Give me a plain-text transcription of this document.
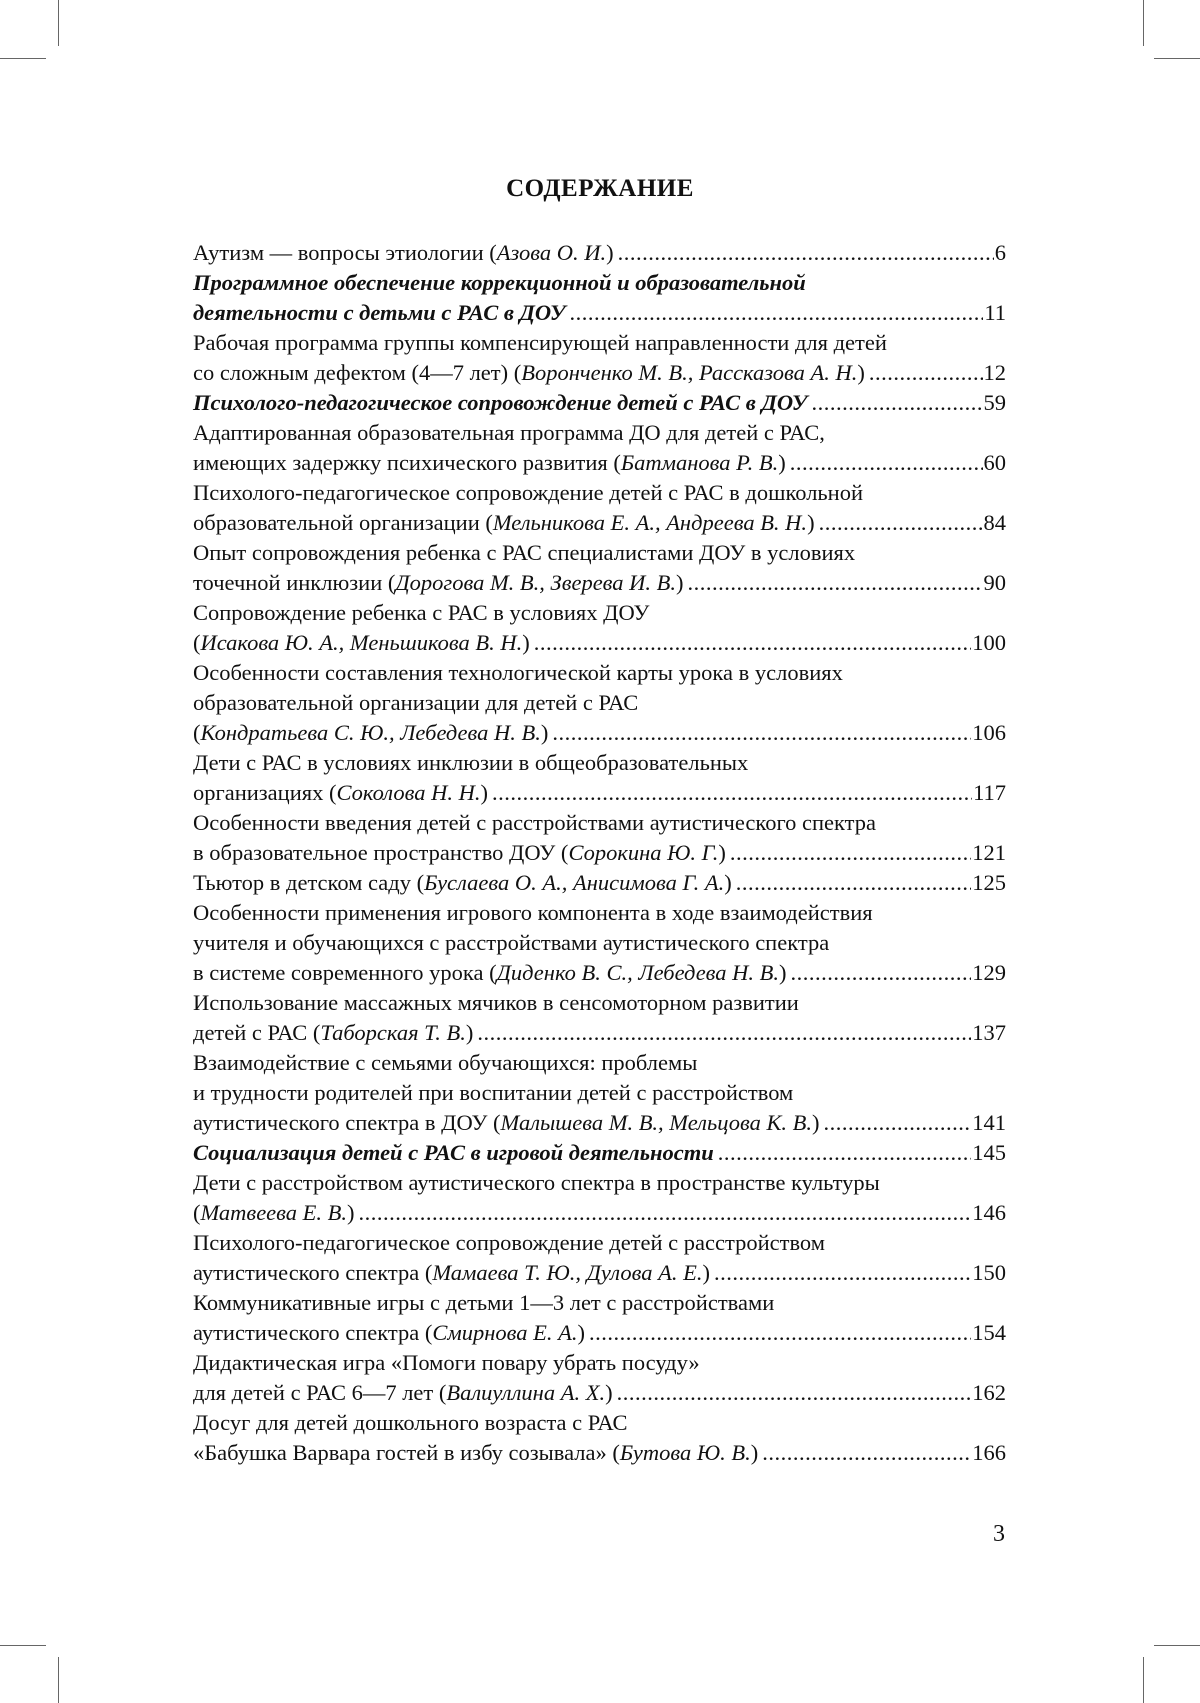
СОДЕРЖАНИЕ
Аутизм — вопросы этиологии (Азова О. И.) .....	6
Программное обеспечение коррекционной и образовательной
деятельности с детьми с РАС в ДОУ .....	11
Рабочая программа группы компенсирующей направленности для детей
со сложным дефектом (4—7 лет) (Воронченко М. В., Рассказова А. Н.) .....	12
Психолого-педагогическое сопровождение детей с РАС в ДОУ .....	59
Адаптированная образовательная программа ДО для детей с РАС,
имеющих задержку психического развития (Батманова Р. В.) .....	60
Психолого-педагогическое сопровождение детей с РАС в дошкольной
образовательной организации (Мельникова Е. А., Андреева В. Н.) .....	84
Опыт сопровождения ребенка с РАС специалистами ДОУ в условиях
точечной инклюзии (Дорогова М. В., Зверева И. В.) .....	90
Сопровождение ребенка с РАС в условиях ДОУ
(Исакова Ю. А., Меньшикова В. Н.) .....	100
Особенности составления технологической карты урока в условиях
образовательной организации для детей с РАС
(Кондратьева С. Ю., Лебедева Н. В.) .....	106
Дети с РАС в условиях инклюзии в общеобразовательных
организациях (Соколова Н. Н.) .....	117
Особенности введения детей с расстройствами аутистического спектра
в образовательное пространство ДОУ (Сорокина Ю. Г.) .....	121
Тьютор в детском саду (Буслаева О. А., Анисимова Г. А.) .....	125
Особенности применения игрового компонента в ходе взаимодействия
учителя и обучающихся с расстройствами аутистического спектра
в системе современного урока (Диденко В. С., Лебедева Н. В.) .....	129
Использование массажных мячиков в сенсомоторном развитии
детей с РАС (Таборская Т. В.) .....	137
Взаимодействие с семьями обучающихся: проблемы
и трудности родителей при воспитании детей с расстройством
аутистического спектра в ДОУ (Малышева М. В., Мельцова К. В.) .....	141
Социализация детей с РАС в игровой деятельности .....	145
Дети с расстройством аутистического спектра в пространстве культуры
(Матвеева Е. В.) .....	146
Психолого-педагогическое сопровождение детей с расстройством
аутистического спектра (Мамаева Т. Ю., Дулова А. Е.) .....	150
Коммуникативные игры с детьми 1—3 лет с расстройствами
аутистического спектра (Смирнова Е. А.) .....	154
Дидактическая игра «Помоги повару убрать посуду»
для детей с РАС 6—7 лет (Валиуллина А. Х.) .....	162
Досуг для детей дошкольного возраста с РАС
«Бабушка Варвара гостей в избу созывала» (Бутова Ю. В.) .....	166
3
